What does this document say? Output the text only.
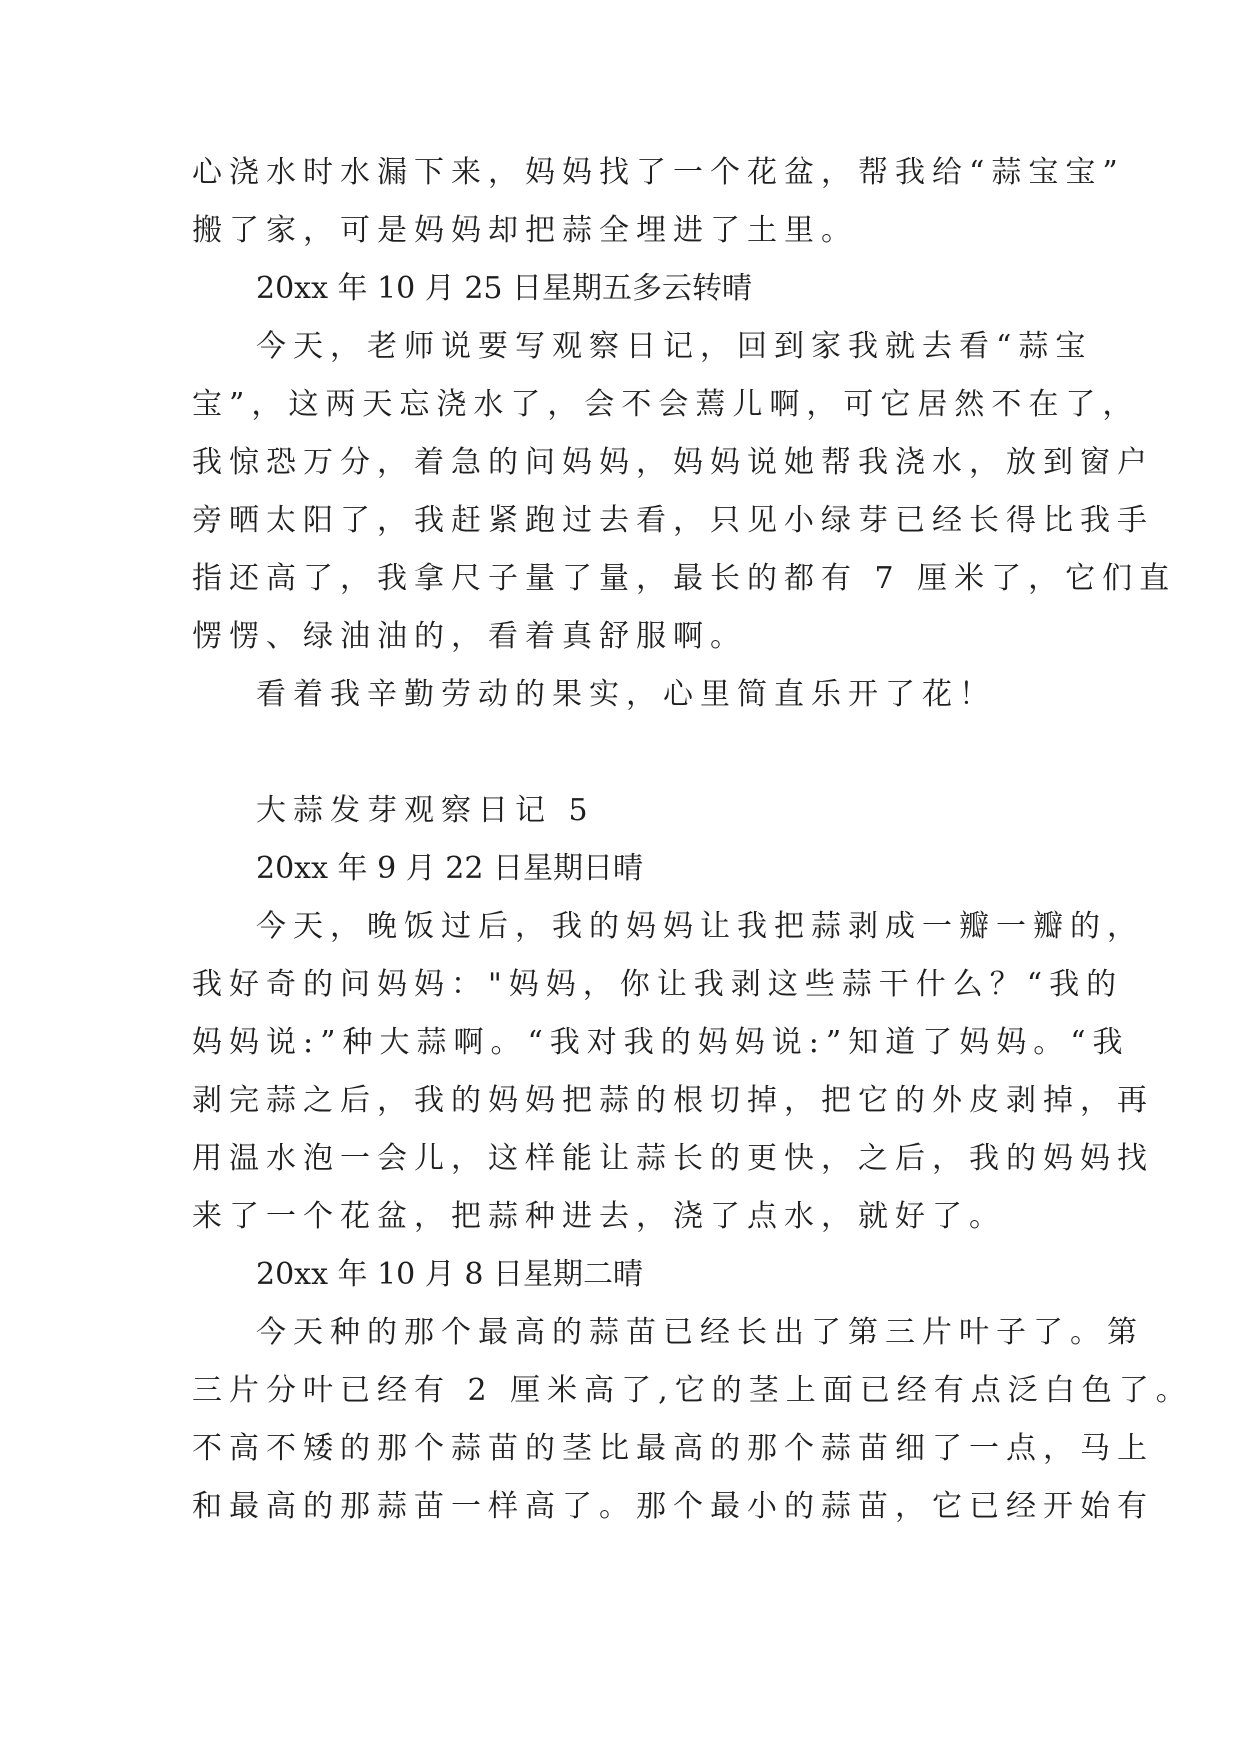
心浇水时水漏下来，妈妈找了一个花盆，帮我给“蒜宝宝”
搬了家，可是妈妈却把蒜全埋进了土里。
20xx 年 10 月 25 日星期五多云转晴
今天，老师说要写观察日记，回到家我就去看“蒜宝
宝”，这两天忘浇水了，会不会蔫儿啊，可它居然不在了，
我惊恐万分，着急的问妈妈，妈妈说她帮我浇水，放到窗户
旁晒太阳了，我赶紧跑过去看，只见小绿芽已经长得比我手
指还高了，我拿尺子量了量，最长的都有 7 厘米了，它们直
愣愣、绿油油的，看着真舒服啊。
看着我辛勤劳动的果实，心里简直乐开了花！
大蒜发芽观察日记 5
20xx 年 9 月 22 日星期日晴
今天，晚饭过后，我的妈妈让我把蒜剥成一瓣一瓣的，
我好奇的问妈妈："妈妈，你让我剥这些蒜干什么？“我的
妈妈说:”种大蒜啊。“我对我的妈妈说:”知道了妈妈。“我
剥完蒜之后，我的妈妈把蒜的根切掉，把它的外皮剥掉，再
用温水泡一会儿，这样能让蒜长的更快，之后，我的妈妈找
来了一个花盆，把蒜种进去，浇了点水，就好了。
20xx 年 10 月 8 日星期二晴
今天种的那个最高的蒜苗已经长出了第三片叶子了。第
三片分叶已经有 2 厘米高了,它的茎上面已经有点泛白色了。
不高不矮的那个蒜苗的茎比最高的那个蒜苗细了一点，马上
和最高的那蒜苗一样高了。那个最小的蒜苗，它已经开始有
